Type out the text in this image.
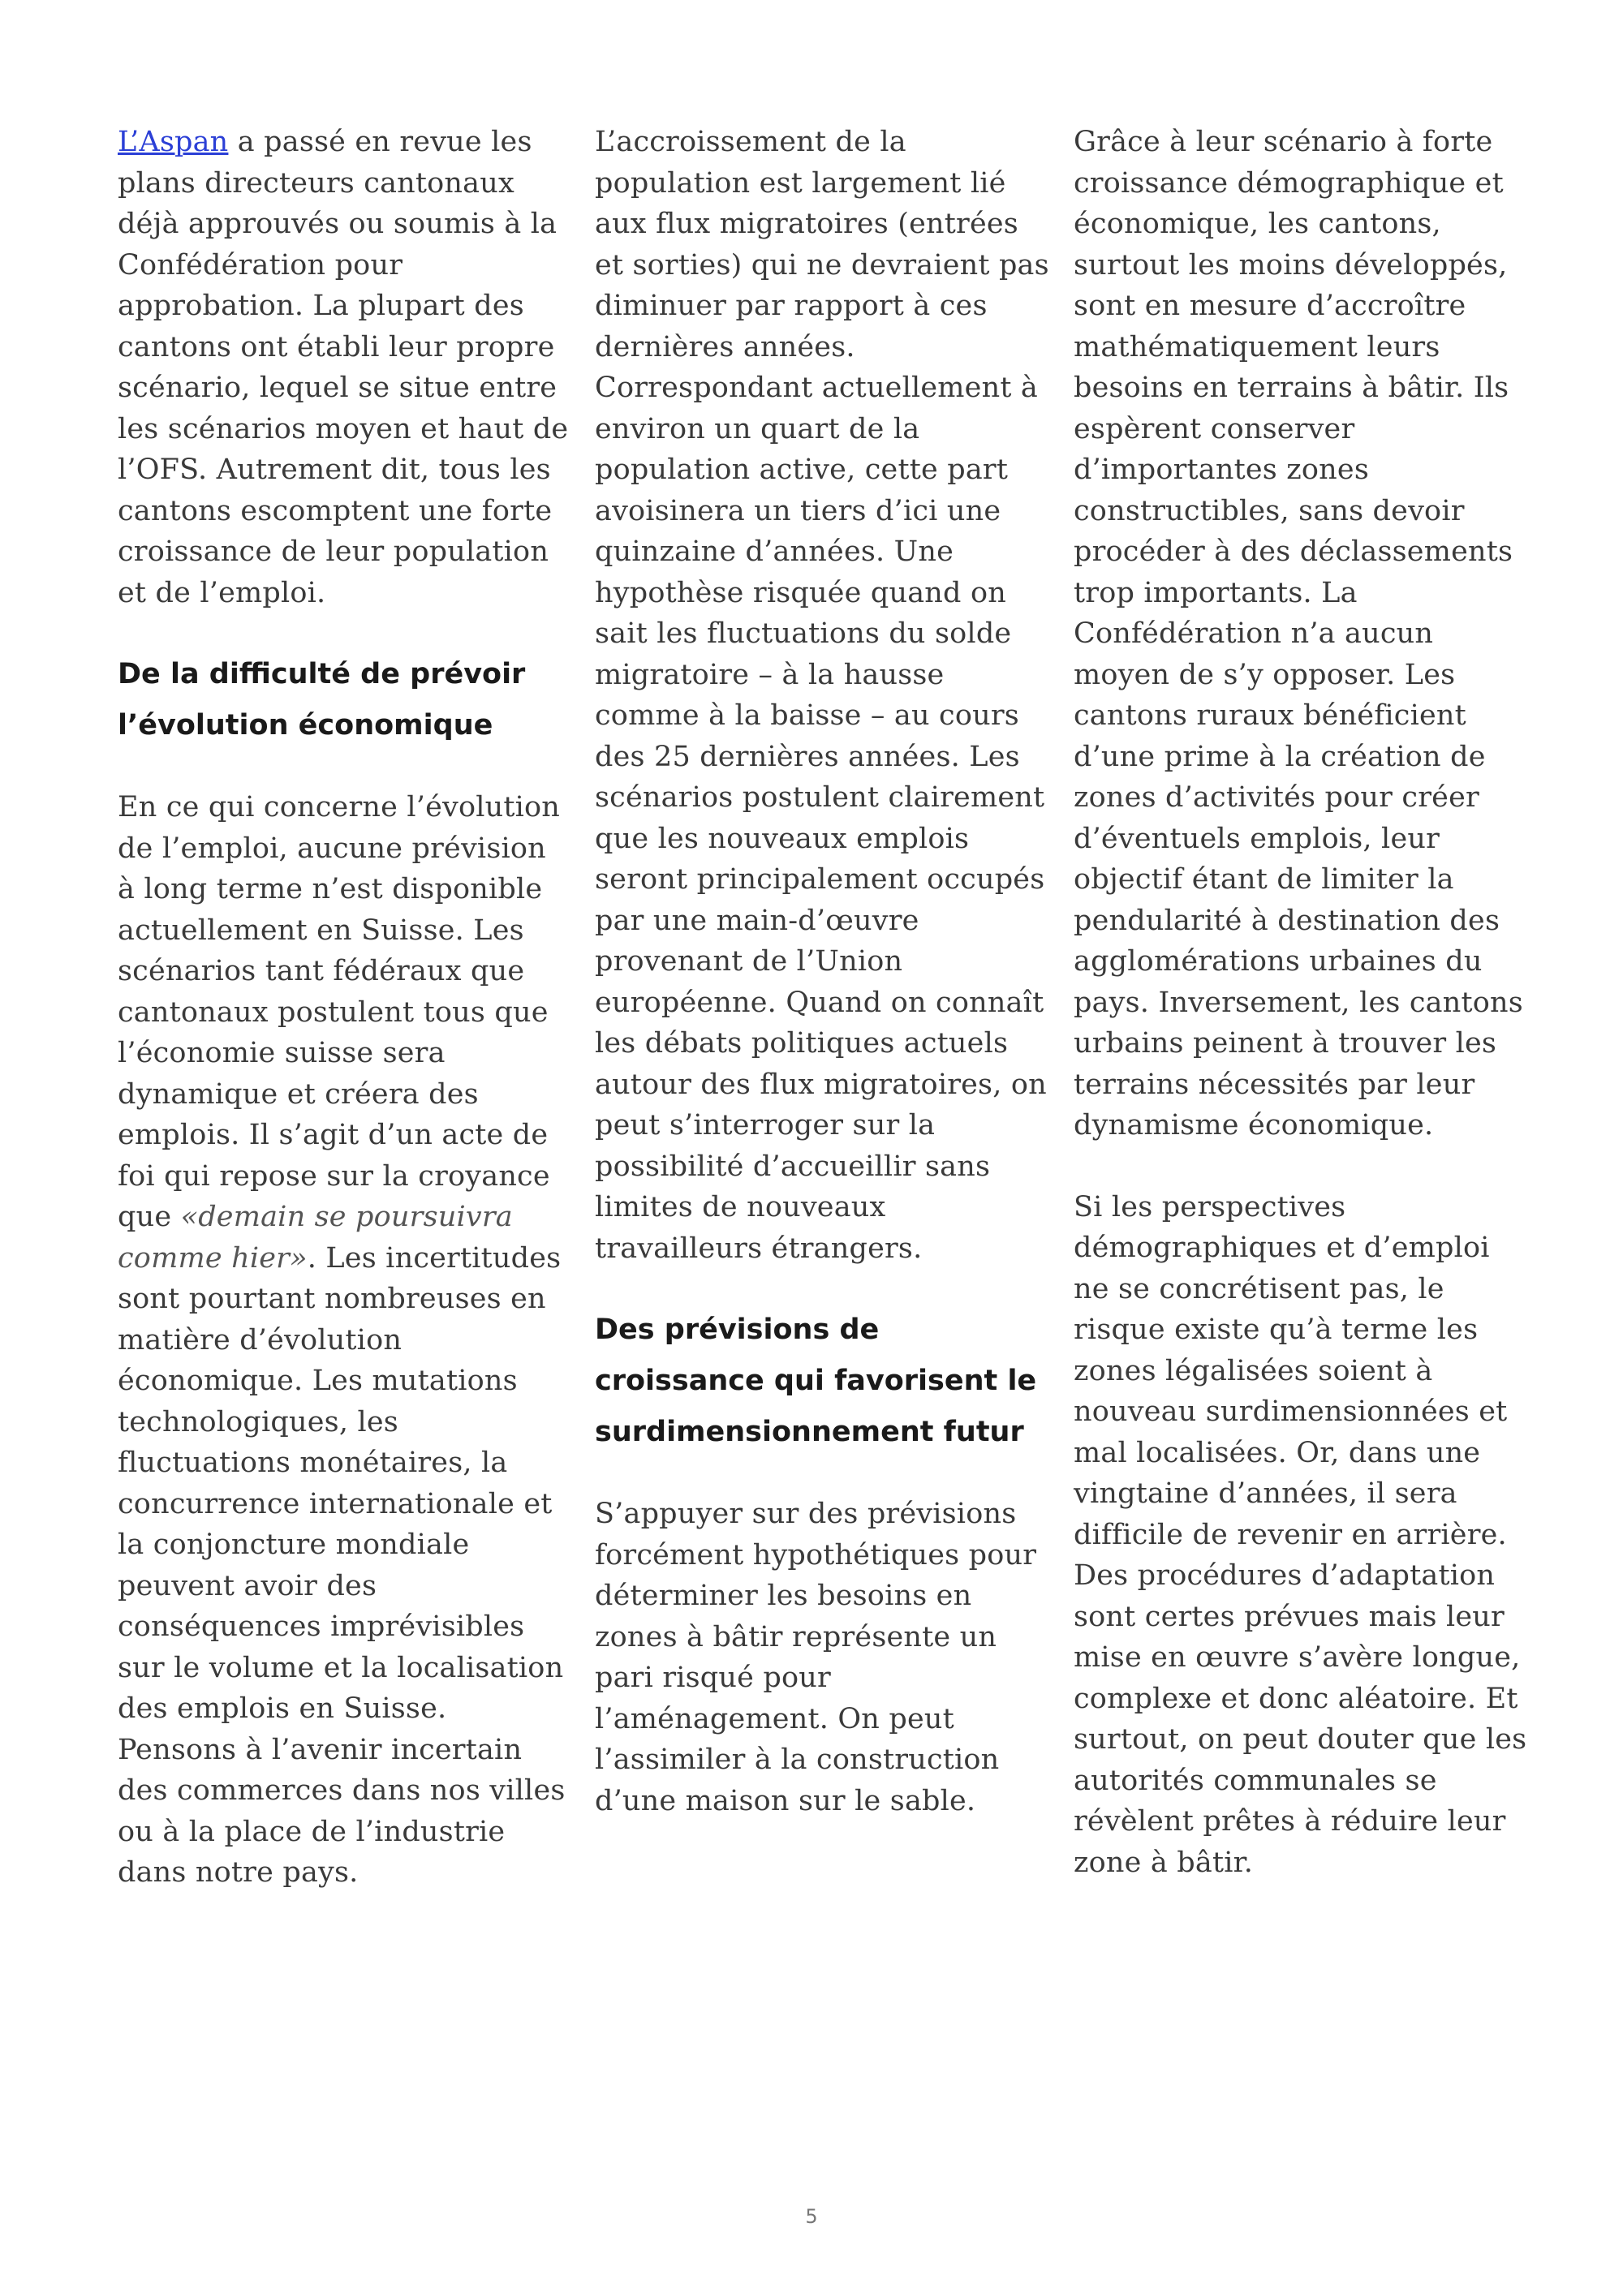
L’Aspan a passé en revue les plans directeurs cantonaux déjà approuvés ou soumis à la Confédération pour approbation. La plupart des cantons ont établi leur propre scénario, lequel se situe entre les scénarios moyen et haut de l’OFS. Autrement dit, tous les cantons escomptent une forte croissance de leur population et de l’emploi.

De la difficulté de prévoir l’évolution économique

En ce qui concerne l’évolution de l’emploi, aucune prévision à long terme n’est disponible actuellement en Suisse. Les scénarios tant fédéraux que cantonaux postulent tous que l’économie suisse sera dynamique et créera des emplois. Il s’agit d’un acte de foi qui repose sur la croyance que «demain se poursuivra comme hier». Les incertitudes sont pourtant nombreuses en matière d’évolution économique. Les mutations technologiques, les fluctuations monétaires, la concurrence internationale et la conjoncture mondiale peuvent avoir des conséquences imprévisibles sur le volume et la localisation des emplois en Suisse. Pensons à l’avenir incertain des commerces dans nos villes ou à la place de l’industrie dans notre pays.

L’accroissement de la population est largement lié aux flux migratoires (entrées et sorties) qui ne devraient pas diminuer par rapport à ces dernières années. Correspondant actuellement à environ un quart de la population active, cette part avoisinera un tiers d’ici une quinzaine d’années. Une hypothèse risquée quand on sait les fluctuations du solde migratoire – à la hausse comme à la baisse – au cours des 25 dernières années. Les scénarios postulent clairement que les nouveaux emplois seront principalement occupés par une main-d’œuvre provenant de l’Union européenne. Quand on connaît les débats politiques actuels autour des flux migratoires, on peut s’interroger sur la possibilité d’accueillir sans limites de nouveaux travailleurs étrangers.

Des prévisions de croissance qui favorisent le surdimensionnement futur

S’appuyer sur des prévisions forcément hypothétiques pour déterminer les besoins en zones à bâtir représente un pari risqué pour l’aménagement. On peut l’assimiler à la construction d’une maison sur le sable.

Grâce à leur scénario à forte croissance démographique et économique, les cantons, surtout les moins développés, sont en mesure d’accroître mathématiquement leurs besoins en terrains à bâtir. Ils espèrent conserver d’importantes zones constructibles, sans devoir procéder à des déclassements trop importants. La Confédération n’a aucun moyen de s’y opposer. Les cantons ruraux bénéficient d’une prime à la création de zones d’activités pour créer d’éventuels emplois, leur objectif étant de limiter la pendularité à destination des agglomérations urbaines du pays. Inversement, les cantons urbains peinent à trouver les terrains nécessités par leur dynamisme économique.

Si les perspectives démographiques et d’emploi ne se concrétisent pas, le risque existe qu’à terme les zones légalisées soient à nouveau surdimensionnées et mal localisées. Or, dans une vingtaine d’années, il sera difficile de revenir en arrière. Des procédures d’adaptation sont certes prévues mais leur mise en œuvre s’avère longue, complexe et donc aléatoire. Et surtout, on peut douter que les autorités communales se révèlent prêtes à réduire leur zone à bâtir.

5
